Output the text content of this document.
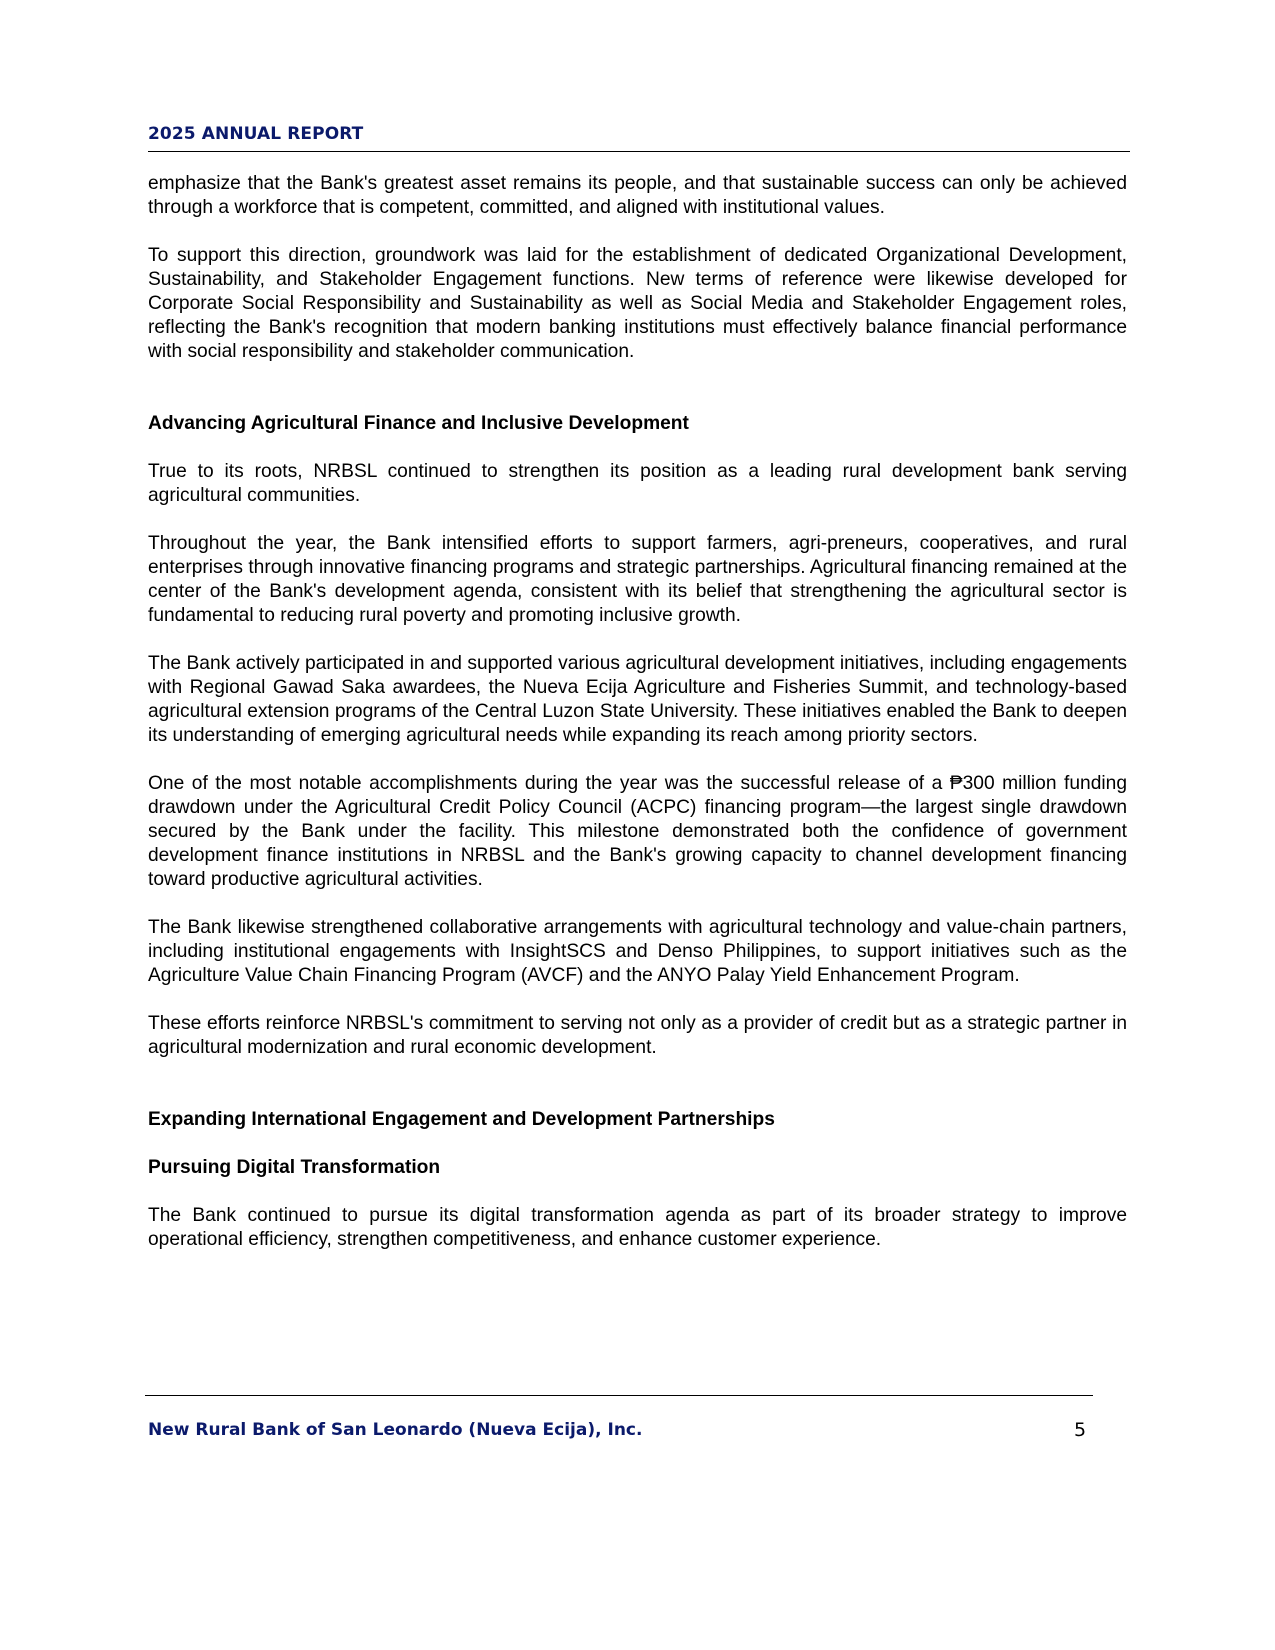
2025 ANNUAL REPORT

emphasize that the Bank's greatest asset remains its people, and that sustainable success can only be achieved through a workforce that is competent, committed, and aligned with institutional values.

To support this direction, groundwork was laid for the establishment of dedicated Organizational Development, Sustainability, and Stakeholder Engagement functions. New terms of reference were likewise developed for Corporate Social Responsibility and Sustainability as well as Social Media and Stakeholder Engagement roles, reflecting the Bank's recognition that modern banking institutions must effectively balance financial performance with social responsibility and stakeholder communication.

Advancing Agricultural Finance and Inclusive Development

True to its roots, NRBSL continued to strengthen its position as a leading rural development bank serving agricultural communities.

Throughout the year, the Bank intensified efforts to support farmers, agri-preneurs, cooperatives, and rural enterprises through innovative financing programs and strategic partnerships. Agricultural financing remained at the center of the Bank's development agenda, consistent with its belief that strengthening the agricultural sector is fundamental to reducing rural poverty and promoting inclusive growth.

The Bank actively participated in and supported various agricultural development initiatives, including engagements with Regional Gawad Saka awardees, the Nueva Ecija Agriculture and Fisheries Summit, and technology-based agricultural extension programs of the Central Luzon State University. These initiatives enabled the Bank to deepen its understanding of emerging agricultural needs while expanding its reach among priority sectors.

One of the most notable accomplishments during the year was the successful release of a ₱300 million funding drawdown under the Agricultural Credit Policy Council (ACPC) financing program—the largest single drawdown secured by the Bank under the facility. This milestone demonstrated both the confidence of government development finance institutions in NRBSL and the Bank's growing capacity to channel development financing toward productive agricultural activities.

The Bank likewise strengthened collaborative arrangements with agricultural technology and value-chain partners, including institutional engagements with InsightSCS and Denso Philippines, to support initiatives such as the Agriculture Value Chain Financing Program (AVCF) and the ANYO Palay Yield Enhancement Program.

These efforts reinforce NRBSL's commitment to serving not only as a provider of credit but as a strategic partner in agricultural modernization and rural economic development.

Expanding International Engagement and Development Partnerships
Pursuing Digital Transformation

The Bank continued to pursue its digital transformation agenda as part of its broader strategy to improve operational efficiency, strengthen competitiveness, and enhance customer experience.

New Rural Bank of San Leonardo (Nueva Ecija), Inc.	5
